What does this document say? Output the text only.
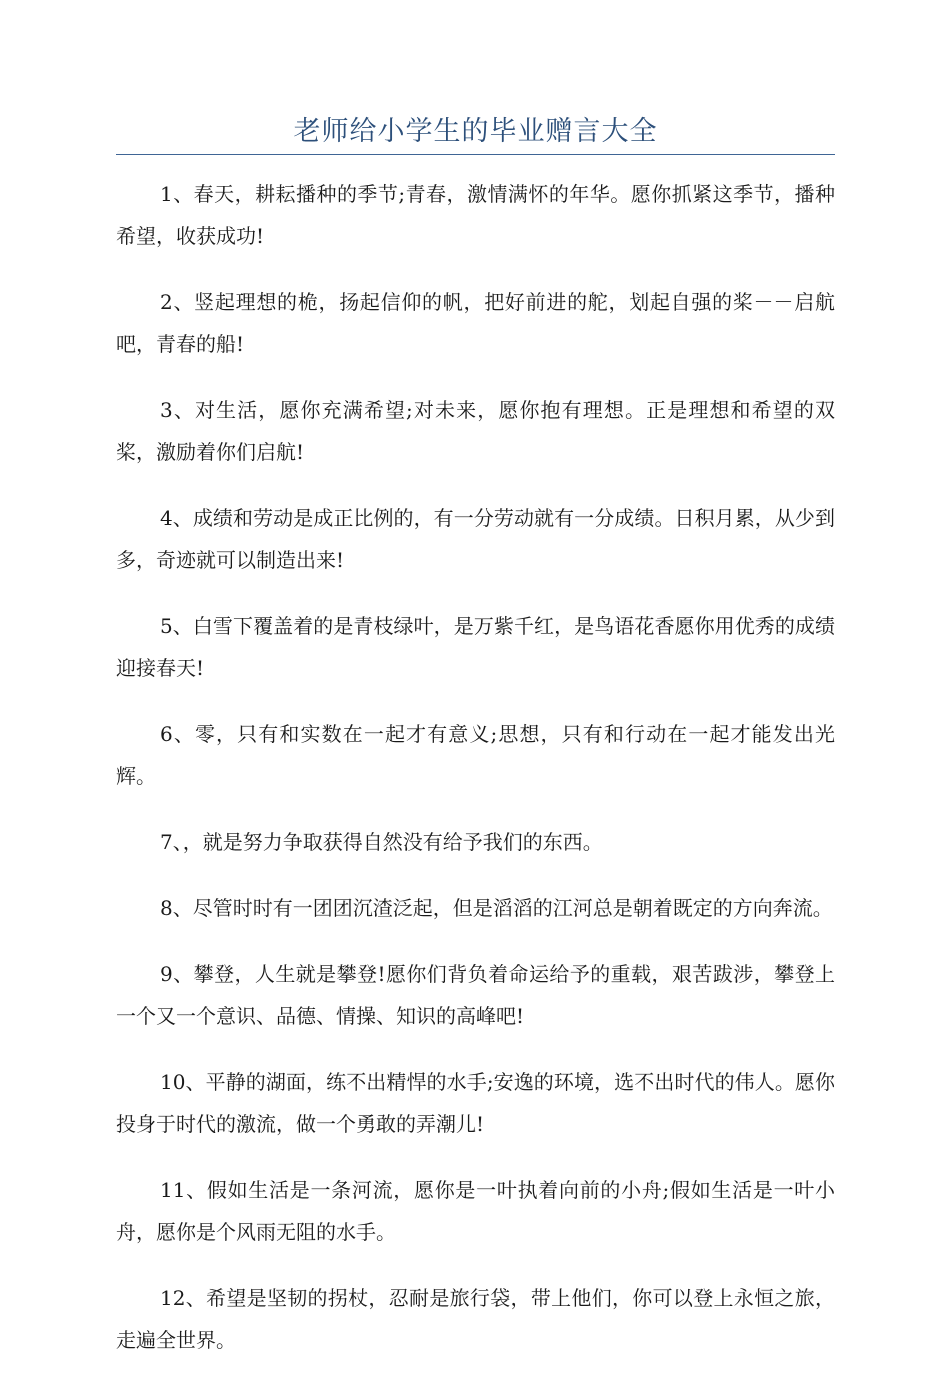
老师给小学生的毕业赠言大全

1、春天，耕耘播种的季节;青春，激情满怀的年华。愿你抓紧这季节，播种希望，收获成功!

2、竖起理想的桅，扬起信仰的帆，把好前进的舵，划起自强的桨－－启航吧，青春的船!

3、对生活，愿你充满希望;对未来，愿你抱有理想。正是理想和希望的双桨，激励着你们启航!

4、成绩和劳动是成正比例的，有一分劳动就有一分成绩。日积月累，从少到多，奇迹就可以制造出来!

5、白雪下覆盖着的是青枝绿叶，是万紫千红，是鸟语花香愿你用优秀的成绩迎接春天!

6、零，只有和实数在一起才有意义;思想，只有和行动在一起才能发出光辉。

7、，就是努力争取获得自然没有给予我们的东西。

8、尽管时时有一团团沉渣泛起，但是滔滔的江河总是朝着既定的方向奔流。

9、攀登，人生就是攀登!愿你们背负着命运给予的重载，艰苦跋涉，攀登上一个又一个意识、品德、情操、知识的高峰吧!

10、平静的湖面，练不出精悍的水手;安逸的环境，选不出时代的伟人。愿你投身于时代的激流，做一个勇敢的弄潮儿!

11、假如生活是一条河流，愿你是一叶执着向前的小舟;假如生活是一叶小舟，愿你是个风雨无阻的水手。

12、希望是坚韧的拐杖，忍耐是旅行袋，带上他们，你可以登上永恒之旅，走遍全世界。
